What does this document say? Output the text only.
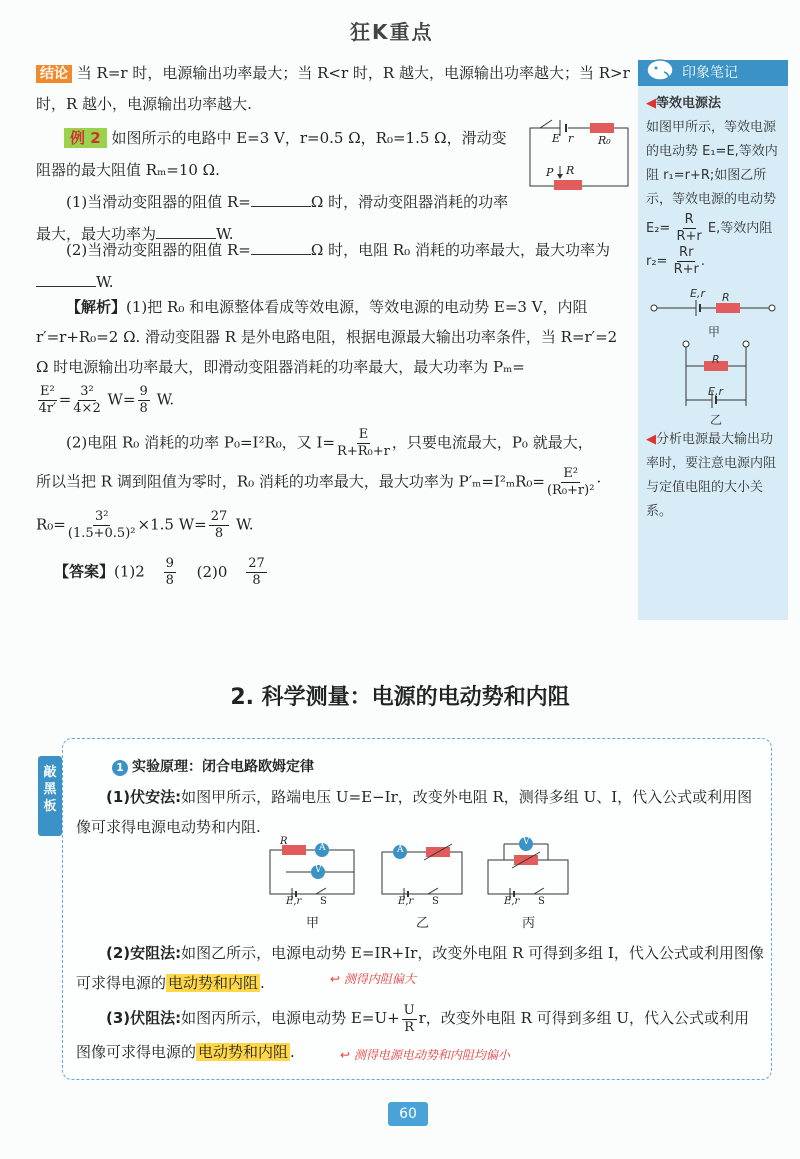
狂K重点
印象笔记
◀等效电源法
如图甲所示，等效电源的电动势 E₁=E,等效内阻 r₁=r+R;如图乙所示，等效电源的电动势 $E_2= \frac{R}{R+r} E$,等效内阻 $r_2= \frac{Rr}{R+r}$ .
E,r R
甲
R
E,r
乙
◀分析电源最大输出功率时，要注意电源内阻与定值电阻的大小关系。
结论 当 R=r 时，电源输出功率最大；当 R<r 时，R 越大，电源输出功率越大；当 R>r 时，R 越小，电源输出功率越大.
例 2 如图所示的电路中 E=3 V，r=0.5 Ω，R₀=1.5 Ω，滑动变阻器的最大阻值 Rₘ=10 Ω.
(1)当滑动变阻器的阻值 R=	Ω 时，滑动变阻器消耗的功率最大，最大功率为	W.
(2)当滑动变阻器的阻值 R=	Ω 时，电阻 R₀ 消耗的功率最大，最大功率为W.
E r R₀
P R
【解析】(1)把 R₀ 和电源整体看成等效电源，等效电源的电动势 E=3 V，内阻 r′=r+R₀=2 Ω. 滑动变阻器 R 是外电路电阻，根据电源最大输出功率条件，当 R=r′=2 Ω 时电源输出功率最大，即滑动变阻器消耗的功率最大，最大功率为 Pₘ=
$\frac{\text{E²}}{4r'} = \frac{\text{3²}}{4\times 2} W= \frac{9}{8} W$.
(2)电阻 R₀ 消耗的功率 P₀=I²R₀，又 $I= \frac{E}{\text{R+R₀+r}}$ ，只要电流最大，P₀ 就最大，
所以当把 R 调到阻值为零时，R₀ 消耗的功率最大，最大功率为 $P'_m=I^2_mR_0= \frac{\text{E²}}{\text{(R₀+r)²}}$ ·
$R_0= \frac{\text{3²}}{\text{(1.5+0.5)²}} \times 1.5$ $W= \frac{27}{8} W$.
【答案】$(1)2 \frac{9}{8} (2)0 \frac{27}{8}$
2. 科学测量：电源的电动势和内阻
敲黑板
1 实验原理：闭合电路欧姆定律
(1)伏安法:如图甲所示，路端电压 U=E−Ir，改变外电阻 R，测得多组 U、I，代入公式或利用图像可求得电源电动势和内阻.
R
A
V
E,r S
甲
A
E,r S
乙
V
E,r S
丙
(2)安阻法:如图乙所示，电源电动势 E=IR+Ir，改变外电阻 R 可得到多组 I，代入公式或利用图像可求得电源的 电动势和内阻 .	↩ 测得内阻偏大
(3)伏阻法:如图丙所示，电源电动势 $E=U+ \frac{U}{R}$ r，改变外电阻 R 可得到多组 U，代入公式或利用图像可求得电源的 电动势和内阻 .	↩ 测得电源电动势和内阻均偏小
60
